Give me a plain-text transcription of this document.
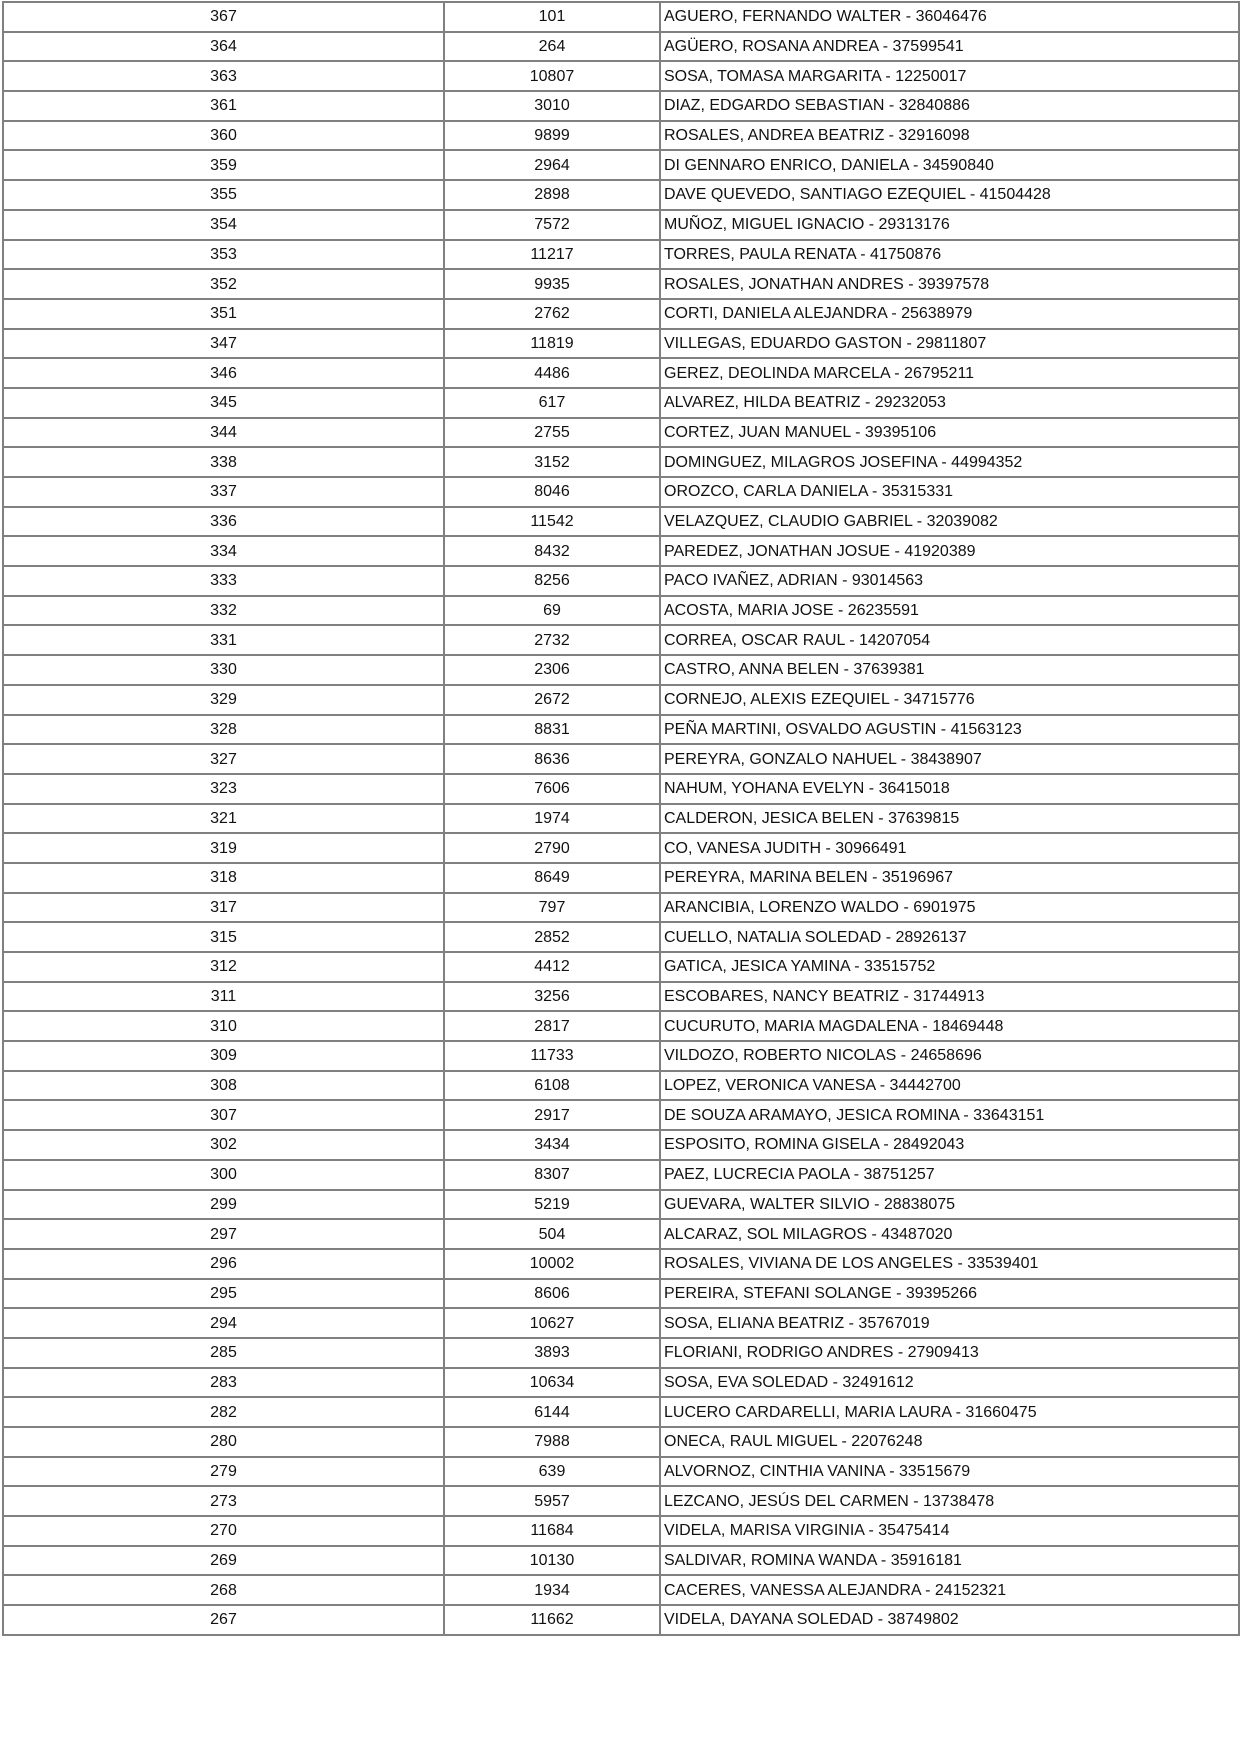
367	101	AGUERO, FERNANDO WALTER - 36046476
364	264	AGÜERO, ROSANA ANDREA - 37599541
363	10807	SOSA, TOMASA MARGARITA - 12250017
361	3010	DIAZ, EDGARDO SEBASTIAN - 32840886
360	9899	ROSALES, ANDREA BEATRIZ - 32916098
359	2964	DI GENNARO ENRICO, DANIELA - 34590840
355	2898	DAVE QUEVEDO, SANTIAGO EZEQUIEL - 41504428
354	7572	MUÑOZ, MIGUEL IGNACIO - 29313176
353	11217	TORRES, PAULA RENATA - 41750876
352	9935	ROSALES, JONATHAN ANDRES - 39397578
351	2762	CORTI, DANIELA ALEJANDRA - 25638979
347	11819	VILLEGAS, EDUARDO GASTON - 29811807
346	4486	GEREZ, DEOLINDA MARCELA - 26795211
345	617	ALVAREZ, HILDA BEATRIZ - 29232053
344	2755	CORTEZ, JUAN MANUEL - 39395106
338	3152	DOMINGUEZ, MILAGROS JOSEFINA - 44994352
337	8046	OROZCO, CARLA DANIELA - 35315331
336	11542	VELAZQUEZ, CLAUDIO GABRIEL - 32039082
334	8432	PAREDEZ, JONATHAN JOSUE - 41920389
333	8256	PACO IVAÑEZ, ADRIAN - 93014563
332	69	ACOSTA, MARIA JOSE - 26235591
331	2732	CORREA, OSCAR RAUL - 14207054
330	2306	CASTRO, ANNA BELEN - 37639381
329	2672	CORNEJO, ALEXIS EZEQUIEL - 34715776
328	8831	PEÑA MARTINI, OSVALDO AGUSTIN - 41563123
327	8636	PEREYRA, GONZALO NAHUEL - 38438907
323	7606	NAHUM, YOHANA EVELYN - 36415018
321	1974	CALDERON, JESICA BELEN - 37639815
319	2790	CO, VANESA JUDITH - 30966491
318	8649	PEREYRA, MARINA BELEN - 35196967
317	797	ARANCIBIA, LORENZO WALDO - 6901975
315	2852	CUELLO, NATALIA SOLEDAD - 28926137
312	4412	GATICA, JESICA YAMINA - 33515752
311	3256	ESCOBARES, NANCY BEATRIZ - 31744913
310	2817	CUCURUTO, MARIA MAGDALENA - 18469448
309	11733	VILDOZO, ROBERTO NICOLAS - 24658696
308	6108	LOPEZ, VERONICA VANESA - 34442700
307	2917	DE SOUZA ARAMAYO, JESICA ROMINA - 33643151
302	3434	ESPOSITO, ROMINA GISELA - 28492043
300	8307	PAEZ, LUCRECIA PAOLA - 38751257
299	5219	GUEVARA, WALTER SILVIO - 28838075
297	504	ALCARAZ, SOL MILAGROS - 43487020
296	10002	ROSALES, VIVIANA DE LOS ANGELES - 33539401
295	8606	PEREIRA, STEFANI SOLANGE - 39395266
294	10627	SOSA, ELIANA BEATRIZ - 35767019
285	3893	FLORIANI, RODRIGO ANDRES - 27909413
283	10634	SOSA, EVA SOLEDAD - 32491612
282	6144	LUCERO CARDARELLI, MARIA LAURA - 31660475
280	7988	ONECA, RAUL MIGUEL - 22076248
279	639	ALVORNOZ, CINTHIA VANINA - 33515679
273	5957	LEZCANO, JESÚS DEL CARMEN - 13738478
270	11684	VIDELA, MARISA VIRGINIA - 35475414
269	10130	SALDIVAR, ROMINA WANDA - 35916181
268	1934	CACERES, VANESSA ALEJANDRA - 24152321
267	11662	VIDELA, DAYANA SOLEDAD - 38749802
